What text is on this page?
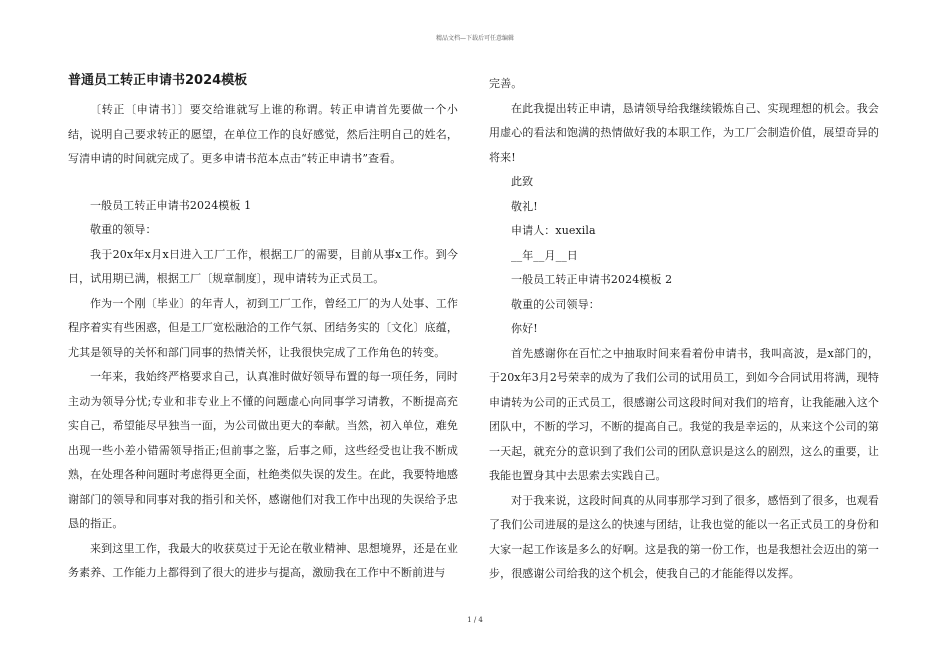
精品文档—下载后可任意编辑
普通员工转正申请书2024模板

〔转正〔申请书〕〕要交给谁就写上谁的称谓。转正申请首先要做一个小结，说明自己要求转正的愿望，在单位工作的良好感觉，然后注明自己的姓名，写清申请的时间就完成了。更多申请书范本点击“转正申请书”查看。

一般员工转正申请书2024模板 1

敬重的领导：

我于20x年x月x日进入工厂工作，根据工厂的需要，目前从事x工作。到今日，试用期已满，根据工厂〔规章制度〕，现申请转为正式员工。

作为一个刚〔毕业〕的年青人，初到工厂工作，曾经工厂的为人处事、工作程序着实有些困惑，但是工厂宽松融洽的工作气氛、团结务实的〔文化〕底蕴，尤其是领导的关怀和部门同事的热情关怀，让我很快完成了工作角色的转变。

一年来，我始终严格要求自己，认真准时做好领导布置的每一项任务，同时主动为领导分忧;专业和非专业上不懂的问题虚心向同事学习请教，不断提高充实自己，希望能尽早独当一面，为公司做出更大的奉献。当然，初入单位，难免出现一些小差小错需领导指正;但前事之鉴，后事之师，这些经受也让我不断成熟，在处理各种问题时考虑得更全面，杜绝类似失误的发生。在此，我要特地感谢部门的领导和同事对我的指引和关怀，感谢他们对我工作中出现的失误给予忠恳的指正。

来到这里工作，我最大的收获莫过于无论在敬业精神、思想境界，还是在业务素养、工作能力上都得到了很大的进步与提高，激励我在工作中不断前进与

完善。

在此我提出转正申请，恳请领导给我继续锻炼自己、实现理想的机会。我会用虚心的看法和饱满的热情做好我的本职工作，为工厂会制造价值，展望奇异的将来!

此致

敬礼!

申请人：xuexila

__年__月__日

一般员工转正申请书2024模板 2

敬重的公司领导：

你好!

首先感谢你在百忙之中抽取时间来看着份申请书，我叫高波，是x部门的，于20x年3月2号荣幸的成为了我们公司的试用员工，到如今合同试用将满，现特申请转为公司的正式员工，很感谢公司这段时间对我们的培育，让我能融入这个团队中，不断的学习，不断的提高自己。我觉的我是幸运的，从来这个公司的第一天起，就充分的意识到了我们公司的团队意识是这么的剧烈，这么的重要，让我能也置身其中去思索去实践自己。

对于我来说，这段时间真的从同事那学习到了很多，感悟到了很多，也观看了我们公司进展的是这么的快速与团结，让我也觉的能以一名正式员工的身份和大家一起工作该是多么的好啊。这是我的第一份工作，也是我想社会迈出的第一步，很感谢公司给我的这个机会，使我自己的才能能得以发挥。

1 / 4
